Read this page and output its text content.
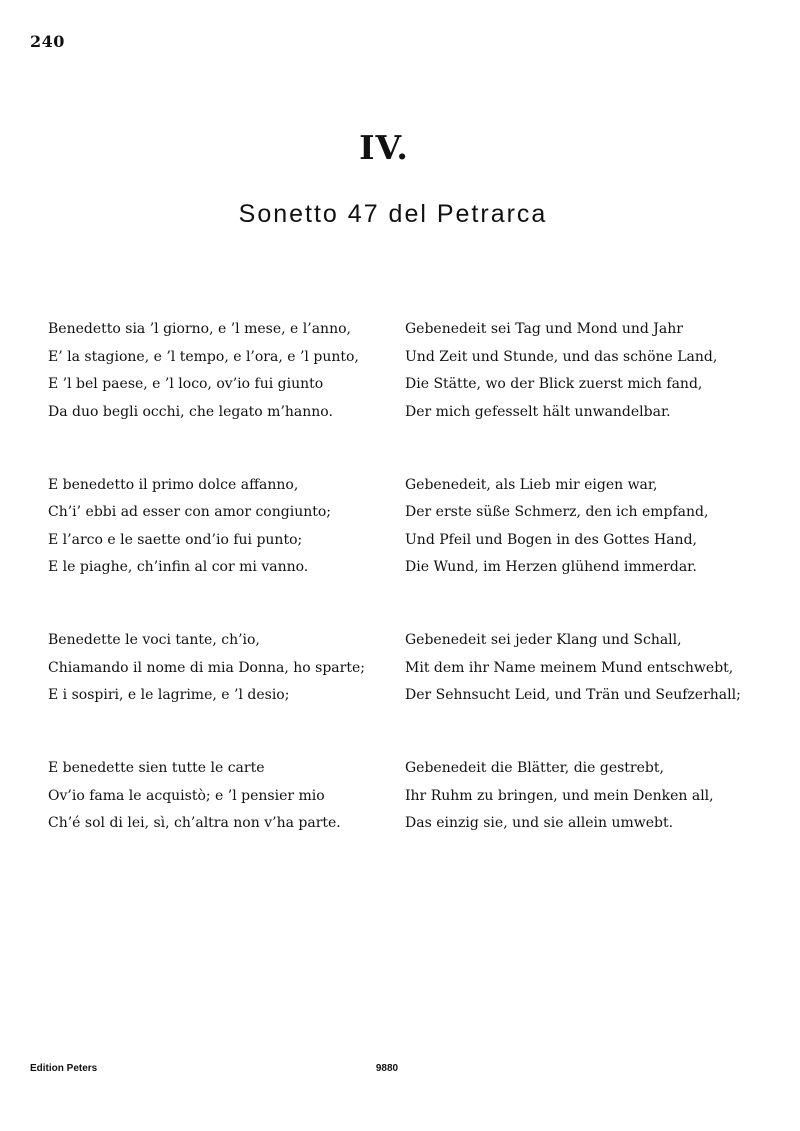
240
IV.
Sonetto 47 del Petrarca
Benedetto sia ’l giorno, e ’l mese, e l’anno,
E’ la stagione, e ’l tempo, e l’ora, e ’l punto,
E ’l bel paese, e ’l loco, ov’io fui giunto
Da duo begli occhi, che legato m’hanno.
E benedetto il primo dolce affanno,
Ch’i’ ebbi ad esser con amor congiunto;
E l’arco e le saette ond’io fui punto;
E le piaghe, ch’infin al cor mi vanno.
Benedette le voci tante, ch’io,
Chiamando il nome di mia Donna, ho sparte;
E i sospiri, e le lagrime, e ’l desio;
E benedette sien tutte le carte
Ov’io fama le acquistò; e ’l pensier mio
Ch’é sol di lei, sì, ch’altra non v’ha parte.
Gebenedeit sei Tag und Mond und Jahr
Und Zeit und Stunde, und das schöne Land,
Die Stätte, wo der Blick zuerst mich fand,
Der mich gefesselt hält unwandelbar.
Gebenedeit, als Lieb mir eigen war,
Der erste süße Schmerz, den ich empfand,
Und Pfeil und Bogen in des Gottes Hand,
Die Wund, im Herzen glühend immerdar.
Gebenedeit sei jeder Klang und Schall,
Mit dem ihr Name meinem Mund entschwebt,
Der Sehnsucht Leid, und Trän und Seufzerhall;
Gebenedeit die Blätter, die gestrebt,
Ihr Ruhm zu bringen, und mein Denken all,
Das einzig sie, und sie allein umwebt.
Edition Peters	9880
